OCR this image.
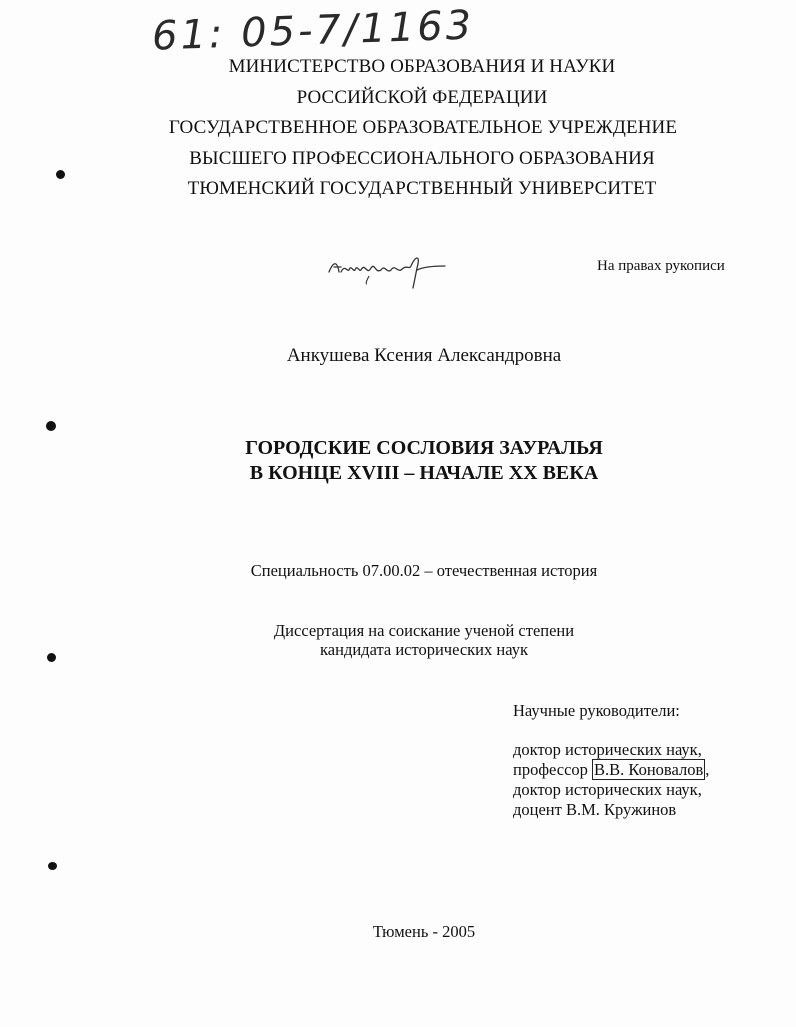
61: 05-7/1163
МИНИСТЕРСТВО ОБРАЗОВАНИЯ И НАУКИ
РОССИЙСКОЙ ФЕДЕРАЦИИ
ГОСУДАРСТВЕННОЕ ОБРАЗОВАТЕЛЬНОЕ УЧРЕЖДЕНИЕ
ВЫСШЕГО ПРОФЕССИОНАЛЬНОГО ОБРАЗОВАНИЯ
ТЮМЕНСКИЙ ГОСУДАРСТВЕННЫЙ УНИВЕРСИТЕТ
На правах рукописи
Анкушева Ксения Александровна
ГОРОДСКИЕ СОСЛОВИЯ ЗАУРАЛЬЯ
В КОНЦЕ XVIII – НАЧАЛЕ XX ВЕКА
Специальность 07.00.02 – отечественная история
Диссертация на соискание ученой степени
кандидата исторических наук
Научные руководители:
доктор исторических наук,
профессор В.В. Коновалов ,
доктор исторических наук,
доцент В.М. Кружинов
Тюмень - 2005
